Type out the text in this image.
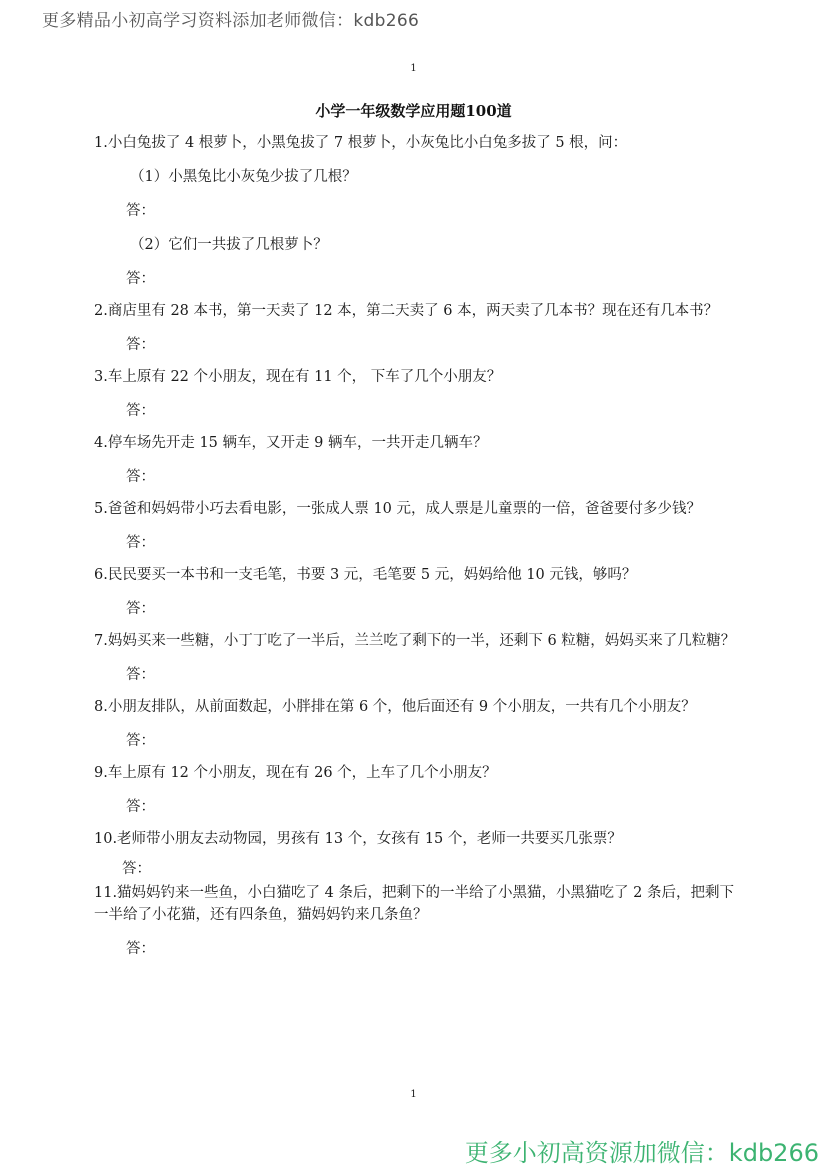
更多精品小初高学习资料添加老师微信：kdb266
1
小学一年级数学应用题100道

1.小白兔拔了 4 根萝卜，小黑兔拔了 7 根萝卜，小灰兔比小白兔多拔了 5 根，问：

（1）小黑兔比小灰兔少拔了几根？

答：

（2）它们一共拔了几根萝卜？

答：

2.商店里有 28 本书，第一天卖了 12 本，第二天卖了 6 本，两天卖了几本书？现在还有几本书？

答：

3.车上原有 22 个小朋友，现在有 11 个， 下车了几个小朋友？

答：

4.停车场先开走 15 辆车，又开走 9 辆车，一共开走几辆车？

答：

5.爸爸和妈妈带小巧去看电影，一张成人票 10 元，成人票是儿童票的一倍，爸爸要付多少钱？

答：

6.民民要买一本书和一支毛笔，书要 3 元，毛笔要 5 元，妈妈给他 10 元钱，够吗？

答：

7.妈妈买来一些糖，小丁丁吃了一半后，兰兰吃了剩下的一半，还剩下 6 粒糖，妈妈买来了几粒糖？

答：

8.小朋友排队，从前面数起，小胖排在第 6 个，他后面还有 9 个小朋友，一共有几个小朋友？

答：

9.车上原有 12 个小朋友，现在有 26 个，上车了几个小朋友？

答：

10.老师带小朋友去动物园，男孩有 13 个，女孩有 15 个，老师一共要买几张票？

答：

11.猫妈妈钓来一些鱼，小白猫吃了 4 条后，把剩下的一半给了小黑猫，小黑猫吃了 2 条后，把剩下一半给了小花猫，还有四条鱼，猫妈妈钓来几条鱼？

答：

1
更多小初高资源加微信：kdb266
